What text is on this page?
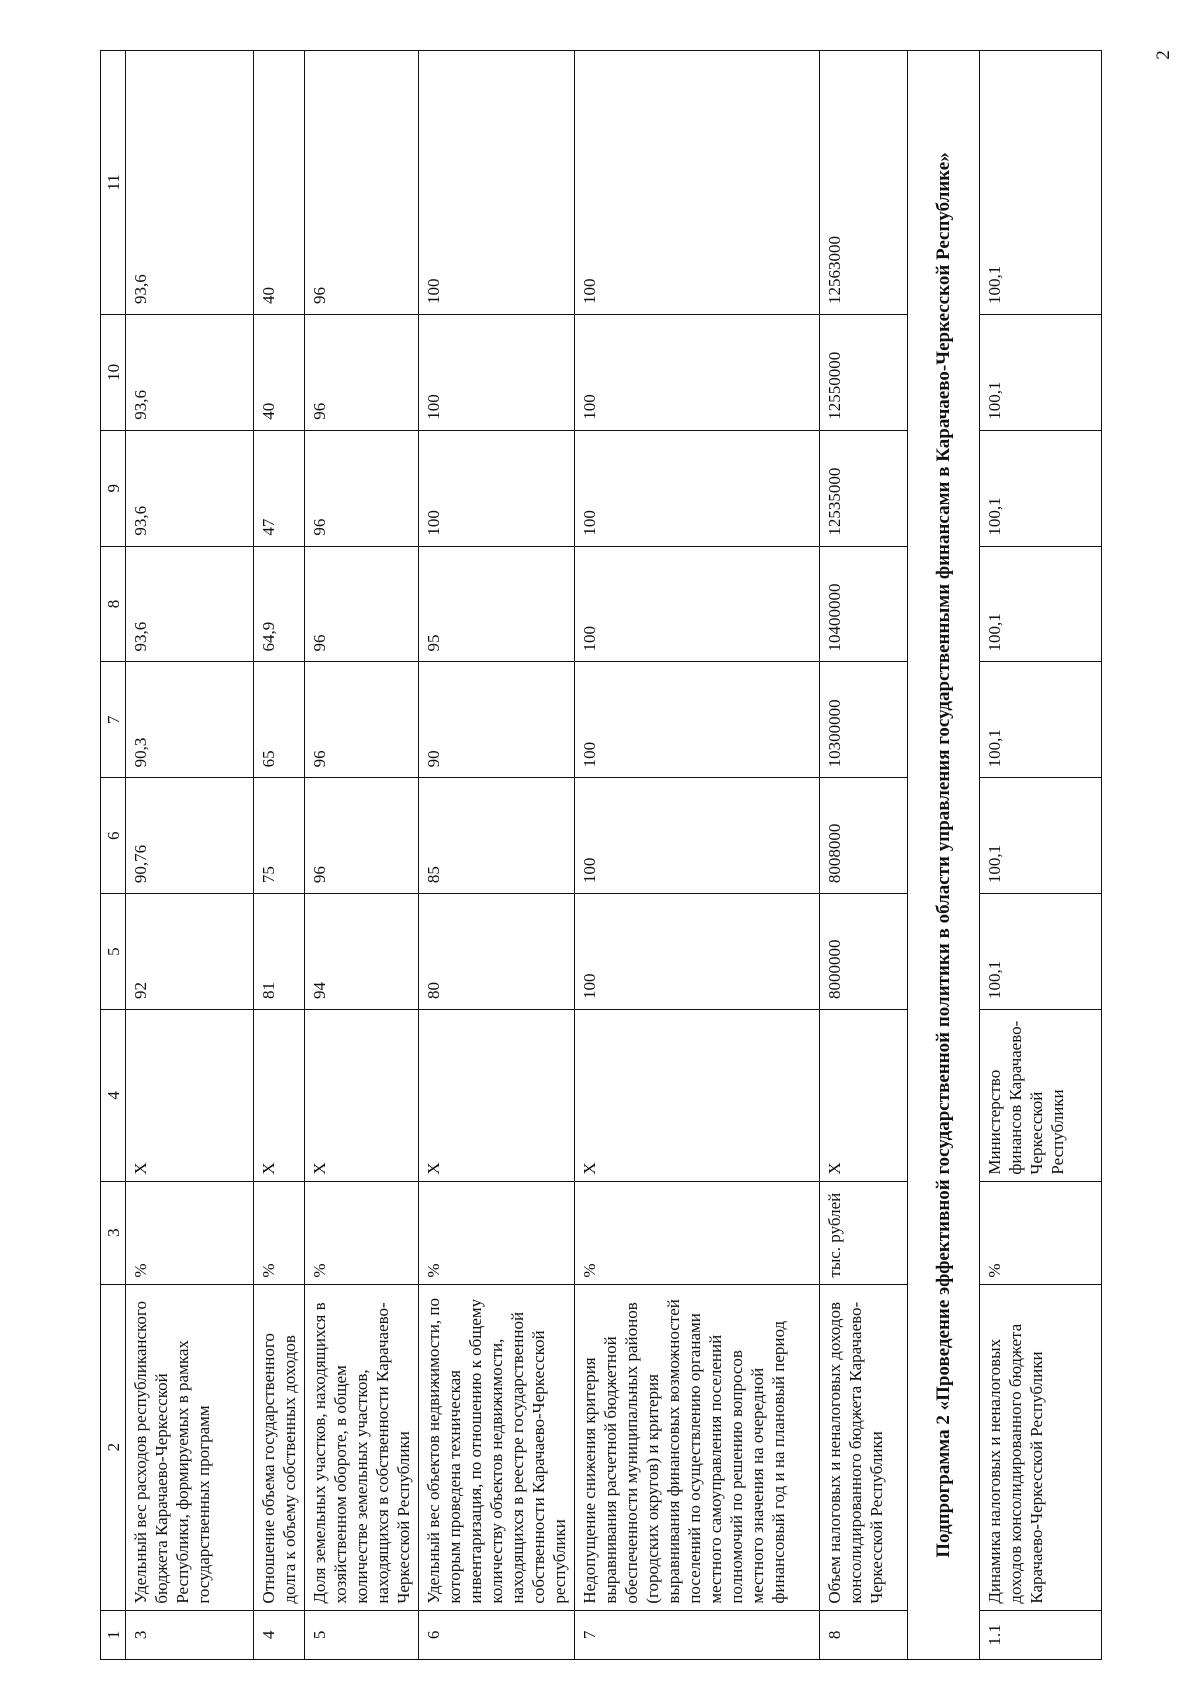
2
1	2	3	4	5	6	7	8	9	10	11
3	Удельный вес расходов республиканского бюджета Карачаево-Черкесской Республики, формируемых в рамках государственных программ	%	Х	92	90,76	90,3	93,6	93,6	93,6	93,6
4	Отношение объема государственного долга к объему собственных доходов	%	Х	81	75	65	64,9	47	40	40
5	Доля земельных участков, находящихся в хозяйственном обороте, в общем количестве земельных участков, находящихся в собственности Карачаево-Черкесской Республики	%	Х	94	96	96	96	96	96	96
6	Удельный вес объектов недвижимости, по которым проведена техническая инвентаризация, по отношению к общему количеству объектов недвижимости, находящихся в реестре государственной собственности Карачаево-Черкесской республики	%	Х	80	85	90	95	100	100	100
7	Недопущение снижения критерия выравнивания расчетной бюджетной обеспеченности муниципальных районов (городских округов) и критерия выравнивания финансовых возможностей поселений по осуществлению органами местного самоуправления поселений полномочий по решению вопросов местного значения на очередной финансовый год и на плановый период	%	Х	100	100	100	100	100	100	100
8	Объем налоговых и неналоговых доходов консолидированного бюджета Карачаево-Черкесской Республики	тыс. рублей	Х	8000000	8008000	10300000	10400000	12535000	12550000	12563000
Подпрограмма 2 «Проведение эффективной государственной политики в области управления государственными финансами в Карачаево-Черкесской Республике»										
1.1	Динамика налоговых и неналоговых доходов консолидированного бюджета Карачаево-Черкесской Республики	%	Министерство финансов Карачаево-Черкесской Республики	100,1	100,1	100,1	100,1	100,1	100,1	100,1
